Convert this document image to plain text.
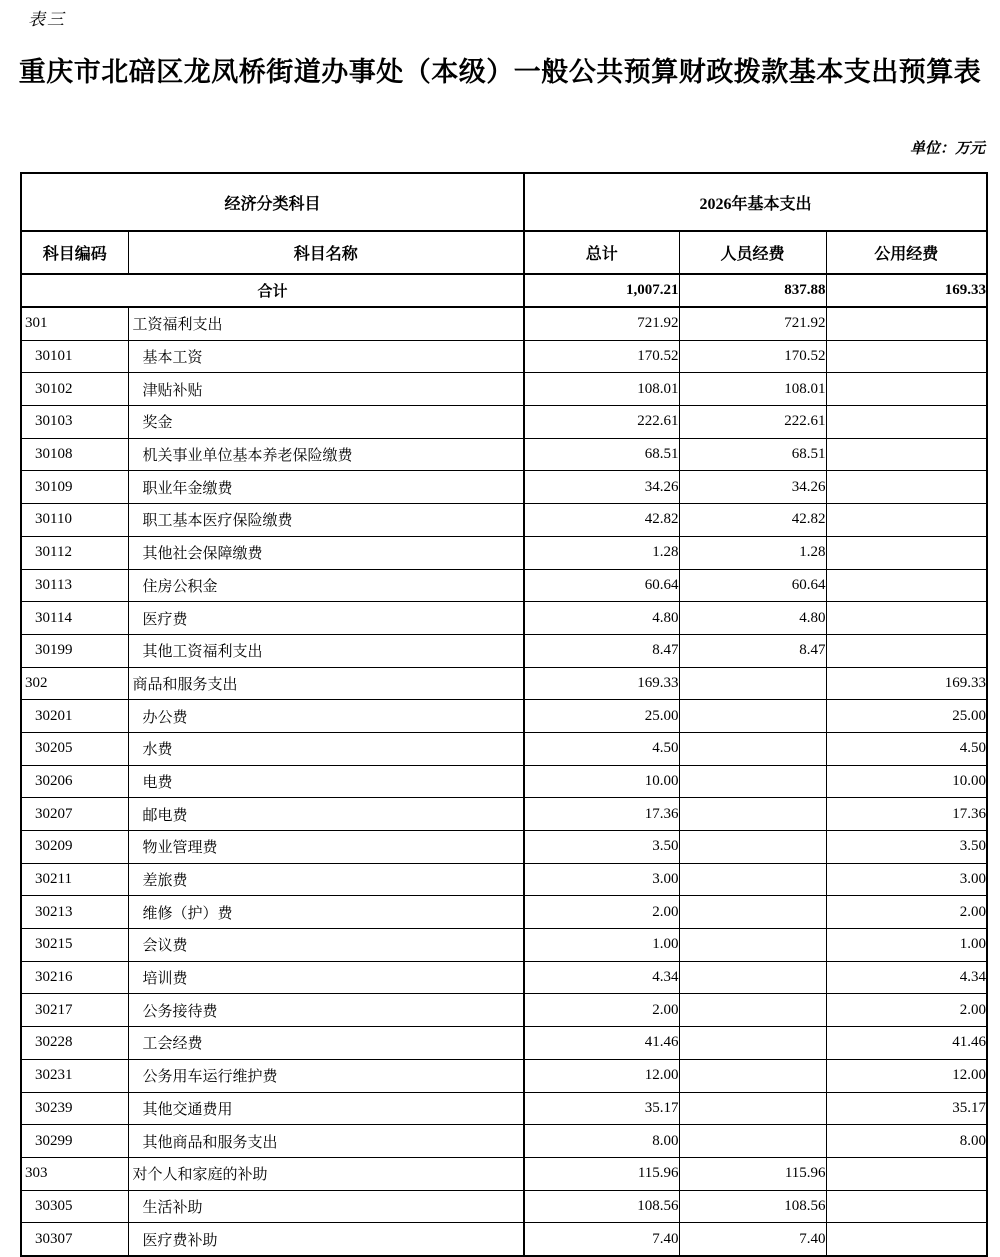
表三
重庆市北碚区龙凤桥街道办事处（本级）一般公共预算财政拨款基本支出预算表
单位：万元
经济分类科目		2026年基本支出		
科目编码	科目名称	总计	人员经费	公用经费
合计		1,007.21	837.88	169.33
301	工资福利支出	721.92	721.92	
30101	基本工资	170.52	170.52	
30102	津贴补贴	108.01	108.01	
30103	奖金	222.61	222.61	
30108	机关事业单位基本养老保险缴费	68.51	68.51	
30109	职业年金缴费	34.26	34.26	
30110	职工基本医疗保险缴费	42.82	42.82	
30112	其他社会保障缴费	1.28	1.28	
30113	住房公积金	60.64	60.64	
30114	医疗费	4.80	4.80	
30199	其他工资福利支出	8.47	8.47	
302	商品和服务支出	169.33		169.33
30201	办公费	25.00		25.00
30205	水费	4.50		4.50
30206	电费	10.00		10.00
30207	邮电费	17.36		17.36
30209	物业管理费	3.50		3.50
30211	差旅费	3.00		3.00
30213	维修（护）费	2.00		2.00
30215	会议费	1.00		1.00
30216	培训费	4.34		4.34
30217	公务接待费	2.00		2.00
30228	工会经费	41.46		41.46
30231	公务用车运行维护费	12.00		12.00
30239	其他交通费用	35.17		35.17
30299	其他商品和服务支出	8.00		8.00
303	对个人和家庭的补助	115.96	115.96	
30305	生活补助	108.56	108.56	
30307	医疗费补助	7.40	7.40	
